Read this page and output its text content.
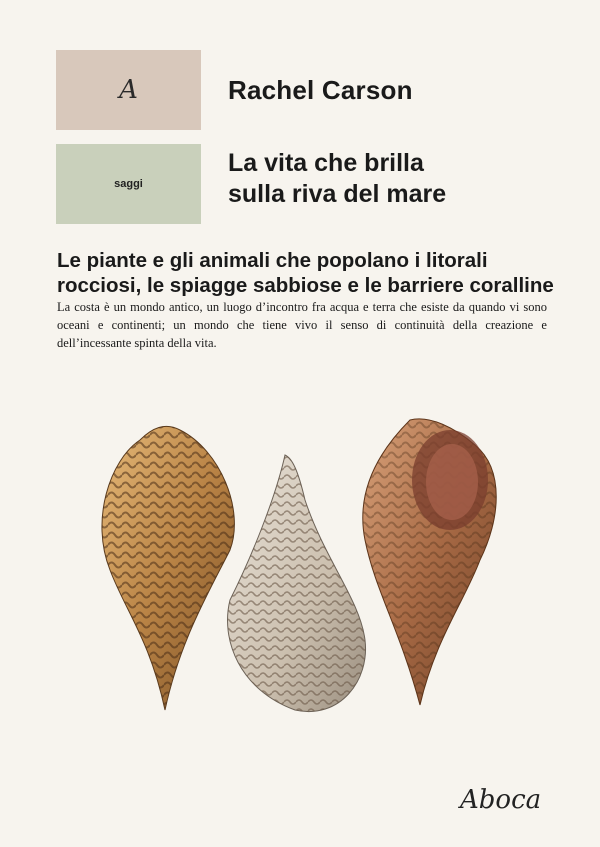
A
saggi
Rachel Carson
La vita che brilla
sulla riva del mare
Le piante e gli animali che popolano i litorali
rocciosi, le spiagge sabbiose e le barriere coralline
La costa è un mondo antico, un luogo d’incontro fra acqua e terra che esiste da quando vi sono oceani e continenti; un mondo che tiene vivo il senso di continuità della creazione e dell’incessante spinta della vita.
Aboca
